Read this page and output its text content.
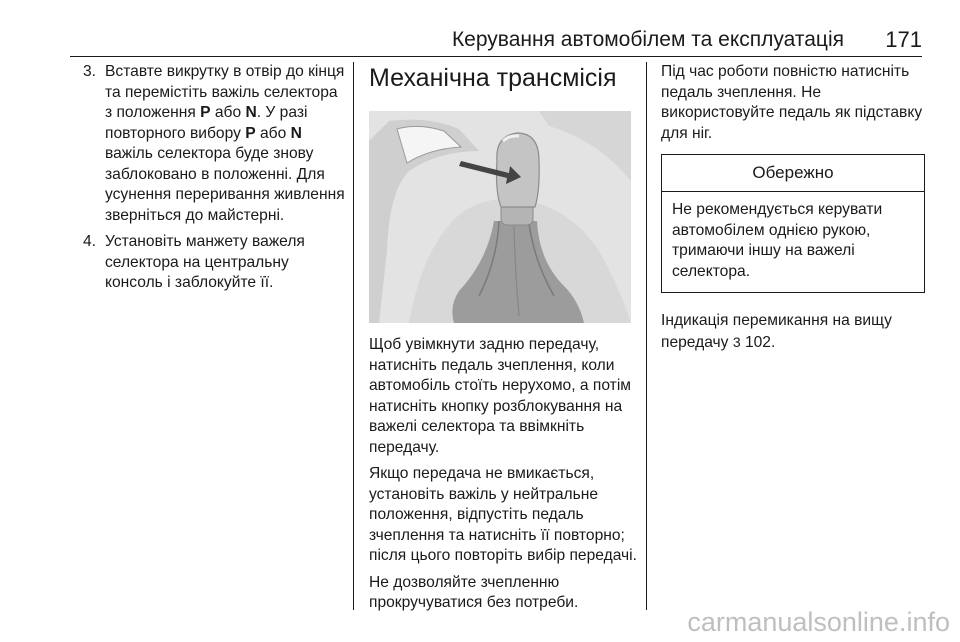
Керування автомобілем та експлуатація 171
3. Вставте викрутку в отвір до кінця та перемістіть важіль селектора з положення P або N. У разі повторного вибору P або N важіль селектора буде знову заблоковано в положенні. Для усунення переривання живлення зверніться до майстерні.
4. Установіть манжету важеля селектора на центральну консоль і заблокуйте її.
Механічна трансмісія

Щоб увімкнути задню передачу, натисніть педаль зчеплення, коли автомобіль стоїть нерухомо, а потім натисніть кнопку розблокування на важелі селектора та ввімкніть передачу.

Якщо передача не вмикається, установіть важіль у нейтральне положення, відпустіть педаль зчеплення та натисніть її повторно; після цього повторіть вибір передачі.

Не дозволяйте зчепленню прокручуватися без потреби.

Під час роботи повністю натисніть педаль зчеплення. Не використовуйте педаль як підставку для ніг.

Обережно
Не рекомендується керувати автомобілем однією рукою, тримаючи іншу на важелі селектора.

Індикація перемикання на вищу передачу 3 102.

carmanualsonline.info
